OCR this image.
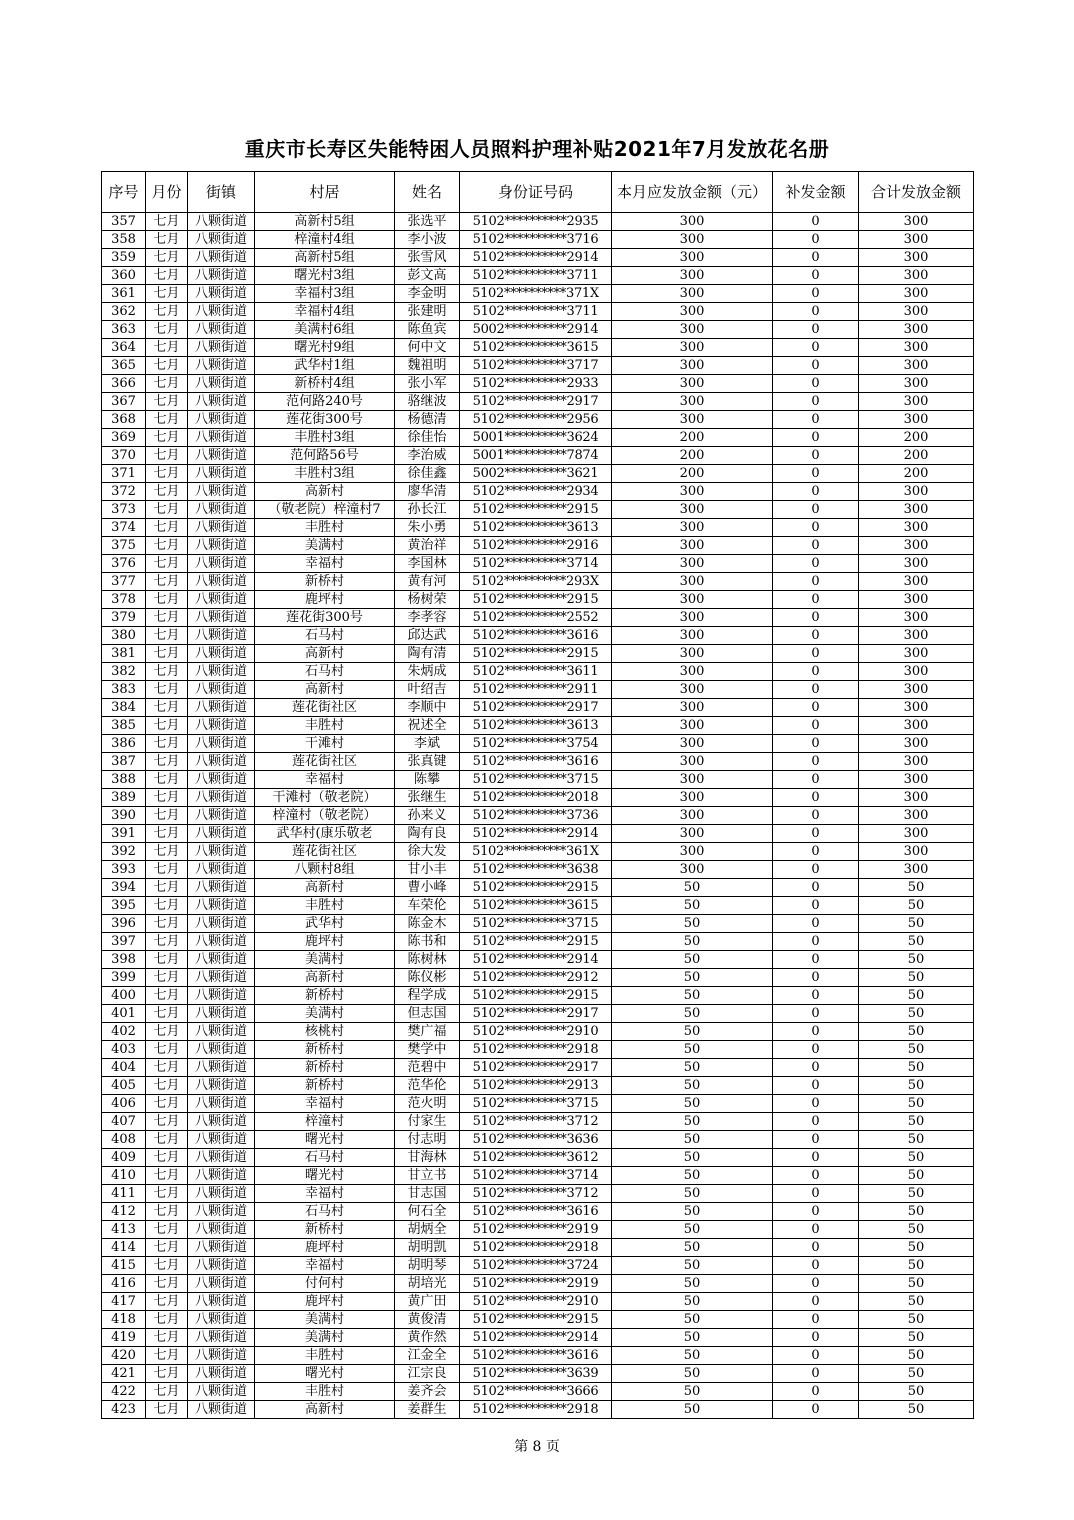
重庆市长寿区失能特困人员照料护理补贴2021年7月发放花名册
序号	月份	街镇	村居	姓名	身份证号码	本月应发放金额（元）	补发金额	合计发放金额
357	七月	八颗街道	高新村5组	张选平	5102**********2935	300	0	300
358	七月	八颗街道	梓潼村4组	李小波	5102**********3716	300	0	300
359	七月	八颗街道	高新村5组	张雪风	5102**********2914	300	0	300
360	七月	八颗街道	曙光村3组	彭文高	5102**********3711	300	0	300
361	七月	八颗街道	幸福村3组	李金明	5102**********371X	300	0	300
362	七月	八颗街道	幸福村4组	张建明	5102**********3711	300	0	300
363	七月	八颗街道	美满村6组	陈鱼宾	5002**********2914	300	0	300
364	七月	八颗街道	曙光村9组	何中文	5102**********3615	300	0	300
365	七月	八颗街道	武华村1组	魏祖明	5102**********3717	300	0	300
366	七月	八颗街道	新桥村4组	张小军	5102**********2933	300	0	300
367	七月	八颗街道	范何路240号	骆继波	5102**********2917	300	0	300
368	七月	八颗街道	莲花街300号	杨德清	5102**********2956	300	0	300
369	七月	八颗街道	丰胜村3组	徐佳怡	5001**********3624	200	0	200
370	七月	八颗街道	范何路56号	李治威	5001**********7874	200	0	200
371	七月	八颗街道	丰胜村3组	徐佳鑫	5002**********3621	200	0	200
372	七月	八颗街道	高新村	廖华清	5102**********2934	300	0	300
373	七月	八颗街道	（敬老院）梓潼村7	孙长江	5102**********2915	300	0	300
374	七月	八颗街道	丰胜村	朱小勇	5102**********3613	300	0	300
375	七月	八颗街道	美满村	黄治祥	5102**********2916	300	0	300
376	七月	八颗街道	幸福村	李国林	5102**********3714	300	0	300
377	七月	八颗街道	新桥村	黄有河	5102**********293X	300	0	300
378	七月	八颗街道	鹿坪村	杨树荣	5102**********2915	300	0	300
379	七月	八颗街道	莲花街300号	李孝容	5102**********2552	300	0	300
380	七月	八颗街道	石马村	邱达武	5102**********3616	300	0	300
381	七月	八颗街道	高新村	陶有清	5102**********2915	300	0	300
382	七月	八颗街道	石马村	朱炳成	5102**********3611	300	0	300
383	七月	八颗街道	高新村	叶绍吉	5102**********2911	300	0	300
384	七月	八颗街道	莲花街社区	李顺中	5102**********2917	300	0	300
385	七月	八颗街道	丰胜村	祝述全	5102**********3613	300	0	300
386	七月	八颗街道	干滩村	李斌	5102**********3754	300	0	300
387	七月	八颗街道	莲花街社区	张真键	5102**********3616	300	0	300
388	七月	八颗街道	幸福村	陈攀	5102**********3715	300	0	300
389	七月	八颗街道	干滩村（敬老院）	张继生	5102**********2018	300	0	300
390	七月	八颗街道	梓潼村（敬老院）	孙来义	5102**********3736	300	0	300
391	七月	八颗街道	武华村(康乐敬老	陶有良	5102**********2914	300	0	300
392	七月	八颗街道	莲花街社区	徐大发	5102**********361X	300	0	300
393	七月	八颗街道	八颗村8组	甘小丰	5102**********3638	300	0	300
394	七月	八颗街道	高新村	曹小峰	5102**********2915	50	0	50
395	七月	八颗街道	丰胜村	车荣伦	5102**********3615	50	0	50
396	七月	八颗街道	武华村	陈金木	5102**********3715	50	0	50
397	七月	八颗街道	鹿坪村	陈书和	5102**********2915	50	0	50
398	七月	八颗街道	美满村	陈树林	5102**********2914	50	0	50
399	七月	八颗街道	高新村	陈仪彬	5102**********2912	50	0	50
400	七月	八颗街道	新桥村	程学成	5102**********2915	50	0	50
401	七月	八颗街道	美满村	但志国	5102**********2917	50	0	50
402	七月	八颗街道	核桃村	樊广福	5102**********2910	50	0	50
403	七月	八颗街道	新桥村	樊学中	5102**********2918	50	0	50
404	七月	八颗街道	新桥村	范碧中	5102**********2917	50	0	50
405	七月	八颗街道	新桥村	范华伦	5102**********2913	50	0	50
406	七月	八颗街道	幸福村	范火明	5102**********3715	50	0	50
407	七月	八颗街道	梓潼村	付家生	5102**********3712	50	0	50
408	七月	八颗街道	曙光村	付志明	5102**********3636	50	0	50
409	七月	八颗街道	石马村	甘海林	5102**********3612	50	0	50
410	七月	八颗街道	曙光村	甘立书	5102**********3714	50	0	50
411	七月	八颗街道	幸福村	甘志国	5102**********3712	50	0	50
412	七月	八颗街道	石马村	何石全	5102**********3616	50	0	50
413	七月	八颗街道	新桥村	胡炳全	5102**********2919	50	0	50
414	七月	八颗街道	鹿坪村	胡明凯	5102**********2918	50	0	50
415	七月	八颗街道	幸福村	胡明琴	5102**********3724	50	0	50
416	七月	八颗街道	付何村	胡培光	5102**********2919	50	0	50
417	七月	八颗街道	鹿坪村	黄广田	5102**********2910	50	0	50
418	七月	八颗街道	美满村	黄俊清	5102**********2915	50	0	50
419	七月	八颗街道	美满村	黄作然	5102**********2914	50	0	50
420	七月	八颗街道	丰胜村	江金全	5102**********3616	50	0	50
421	七月	八颗街道	曙光村	江宗良	5102**********3639	50	0	50
422	七月	八颗街道	丰胜村	姜齐会	5102**********3666	50	0	50
423	七月	八颗街道	高新村	姜群生	5102**********2918	50	0	50
第 8 页
